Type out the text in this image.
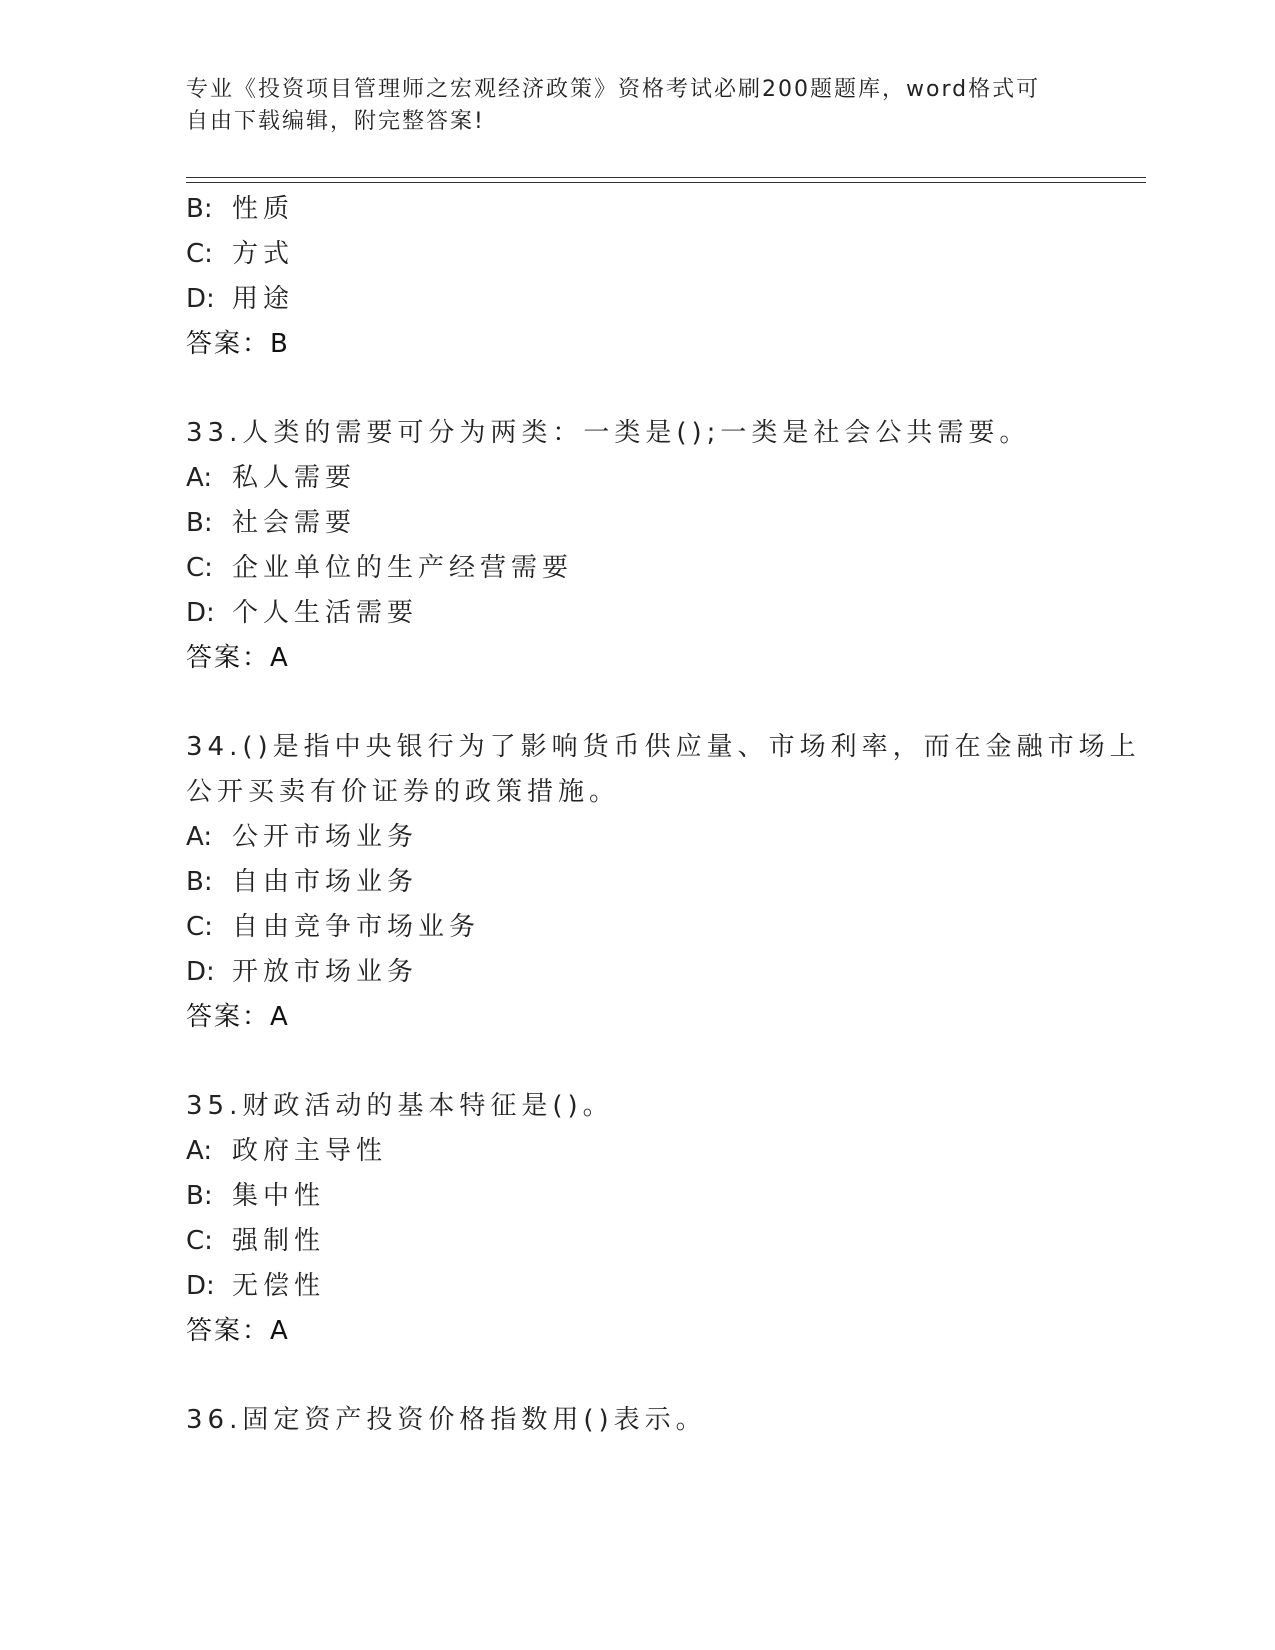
专业《投资项目管理师之宏观经济政策》资格考试必刷200题题库，word格式可
自由下载编辑，附完整答案!
B: 性质
C: 方式
D: 用途
答案：B
33.人类的需要可分为两类：一类是();一类是社会公共需要。
A: 私人需要
B: 社会需要
C: 企业单位的生产经营需要
D: 个人生活需要
答案：A
34.()是指中央银行为了影响货币供应量、市场利率，而在金融市场上
公开买卖有价证券的政策措施。
A: 公开市场业务
B: 自由市场业务
C: 自由竞争市场业务
D: 开放市场业务
答案：A
35.财政活动的基本特征是()。
A: 政府主导性
B: 集中性
C: 强制性
D: 无偿性
答案：A
36.固定资产投资价格指数用()表示。
